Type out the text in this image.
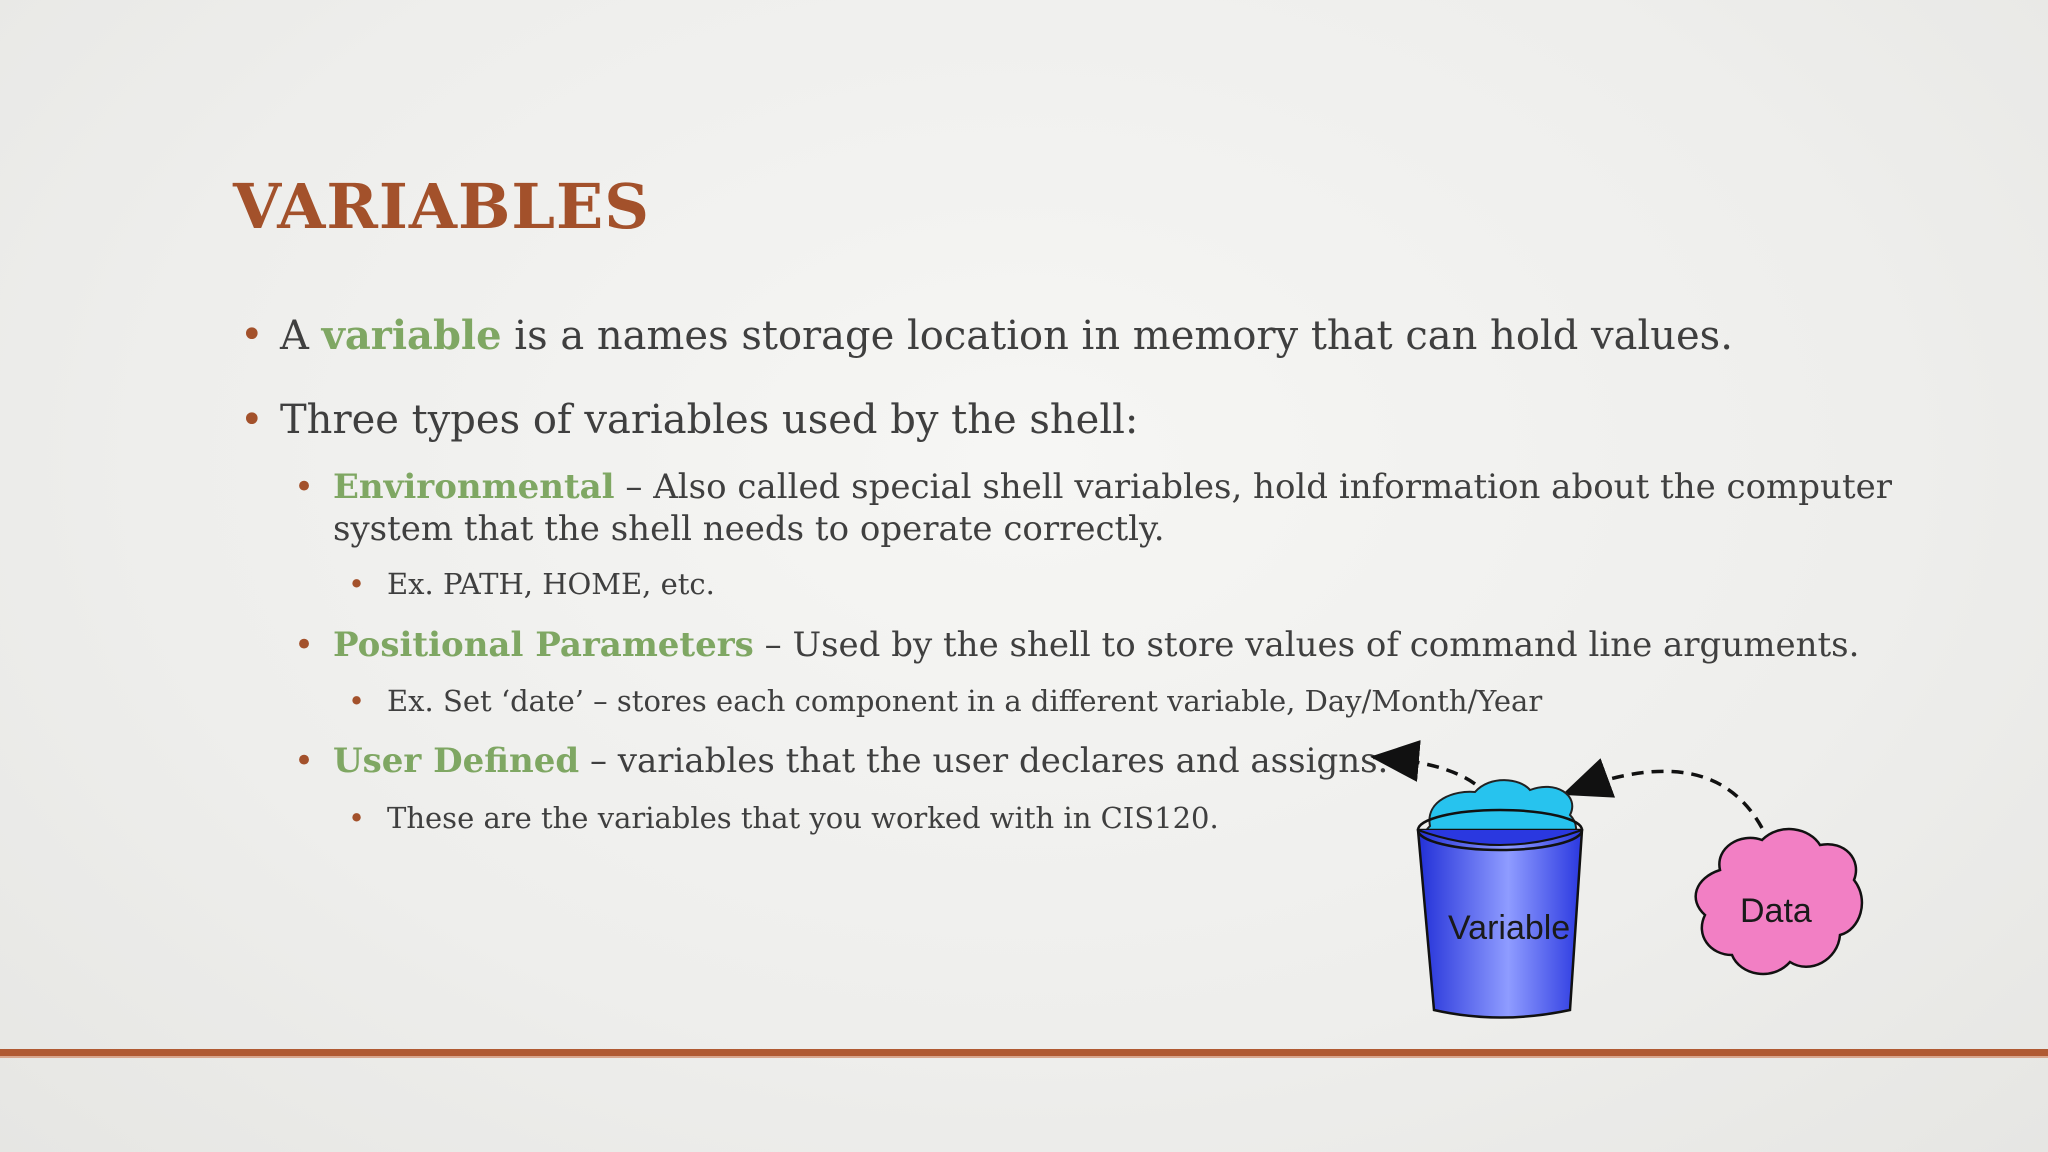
VARIABLES
• A variable is a names storage location in memory that can hold values.
• Three types of variables used by the shell:
• Environmental – Also called special shell variables, hold information about the computer
system that the shell needs to operate correctly.
• Ex. PATH, HOME, etc.
• Positional Parameters – Used by the shell to store values of command line arguments.
• Ex. Set ‘date’ – stores each component in a different variable, Day/Month/Year
• User Defined – variables that the user declares and assigns.
• These are the variables that you worked with in CIS120.
Variable	Data
